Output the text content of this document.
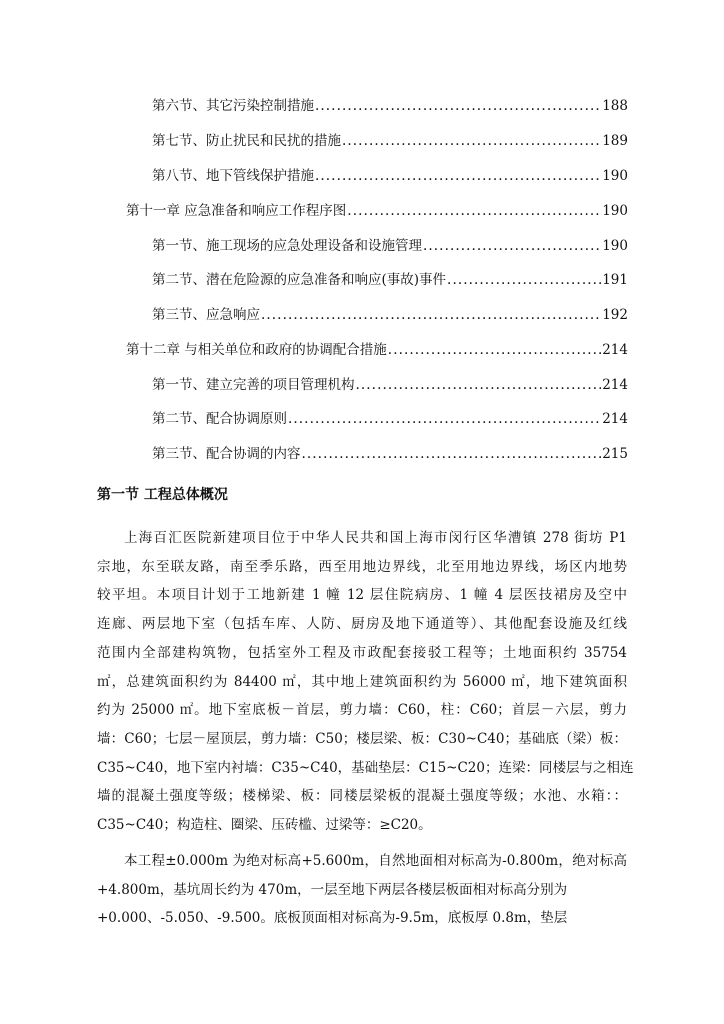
第六节、其它污染控制措施 .....	188
第七节、防止扰民和民扰的措施 .....	189
第八节、地下管线保护措施 .....	190
第十一章 应急准备和响应工作程序图 .....	190
第一节、施工现场的应急处理设备和设施管理 .....	190
第二节、潜在危险源的应急准备和响应(事故)事件 .....	191
第三节、应急响应 .....	192
第十二章 与相关单位和政府的协调配合措施 .....	214
第一节、建立完善的项目管理机构 .....	214
第二节、配合协调原则 .....	214
第三节、配合协调的内容 .....	215
第一节 工程总体概况
上海百汇医院新建项目位于中华人民共和国上海市闵行区华漕镇 278 街坊 P1
宗地，东至联友路，南至季乐路，西至用地边界线，北至用地边界线，场区内地势
较平坦。本项目计划于工地新建 1 幢 12 层住院病房、1 幢 4 层医技裙房及空中
连廊、两层地下室（包括车库、人防、厨房及地下通道等）、其他配套设施及红线
范围内全部建构筑物，包括室外工程及市政配套接驳工程等；土地面积约 35754
㎡，总建筑面积约为 84400 ㎡，其中地上建筑面积约为 56000 ㎡，地下建筑面积
约为 25000 ㎡。地下室底板－首层，剪力墙：C60，柱：C60；首层－六层，剪力
墙：C60；七层－屋顶层，剪力墙：C50；楼层梁、板：C30~C40；基础底（梁）板：
C35~C40，地下室内衬墙：C35~C40，基础垫层：C15~C20；连梁：同楼层与之相连
墙的混凝土强度等级；楼梯梁、板：同楼层梁板的混凝土强度等级；水池、水箱：：
C35~C40；构造柱、圈梁、压砖槛、过梁等：≥C20。
本工程±0.000m 为绝对标高+5.600m，自然地面相对标高为-0.800m，绝对标高
+4.800m，基坑周长约为 470m，一层至地下两层各楼层板面相对标高分别为
+0.000、-5.050、-9.500。底板顶面相对标高为-9.5m，底板厚 0.8m，垫层
